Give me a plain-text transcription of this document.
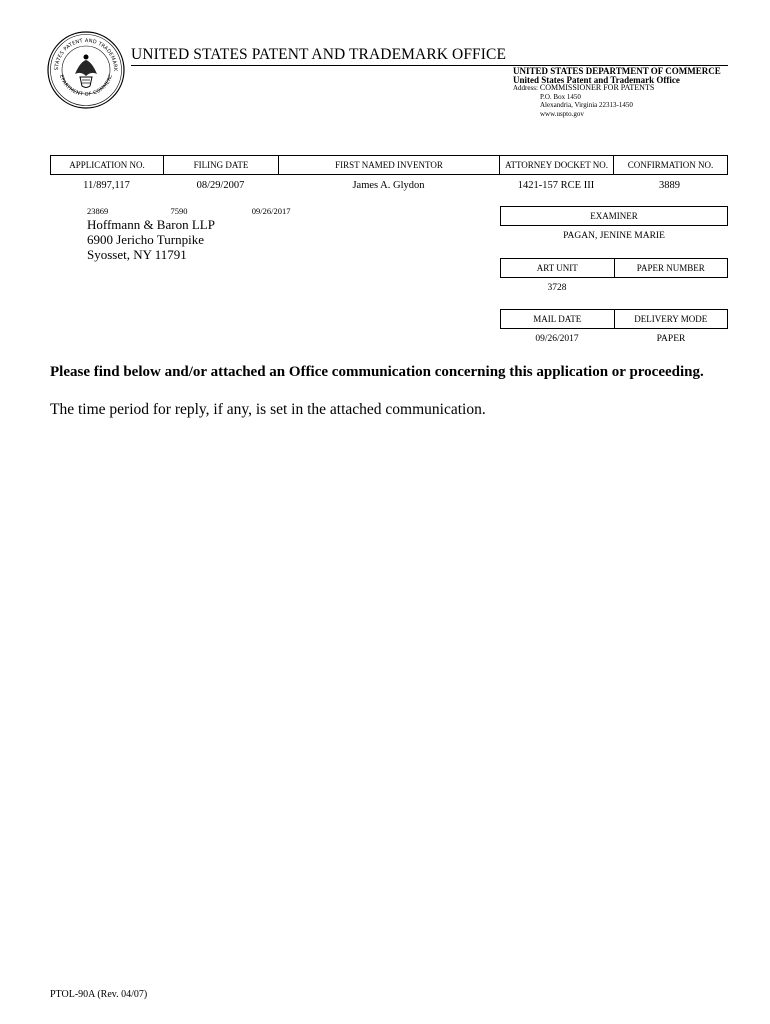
STATES PATENT AND TRADEMARK
EPARTMENT OF COMMERC
UNITED STATES PATENT AND TRADEMARK OFFICE
UNITED STATES DEPARTMENT OF COMMERCE
United States Patent and Trademark Office
Address: COMMISSIONER FOR PATENTS
P.O. Box 1450
Alexandria, Virginia 22313-1450
www.uspto.gov
APPLICATION NO.	FILING DATE	FIRST NAMED INVENTOR	ATTORNEY DOCKET NO.	CONFIRMATION NO.
11/897,117	08/29/2007	James A. Glydon	1421-157 RCE III	3889
23869	7590	09/26/2017
Hoffmann & Baron LLP
6900 Jericho Turnpike
Syosset, NY 11791
EXAMINER
PAGAN, JENINE MARIE
ART UNIT	PAPER NUMBER
3728
MAIL DATE	DELIVERY MODE
09/26/2017	PAPER
Please find below and/or attached an Office communication concerning this application or proceeding.
The time period for reply, if any, is set in the attached communication.
PTOL-90A (Rev. 04/07)
